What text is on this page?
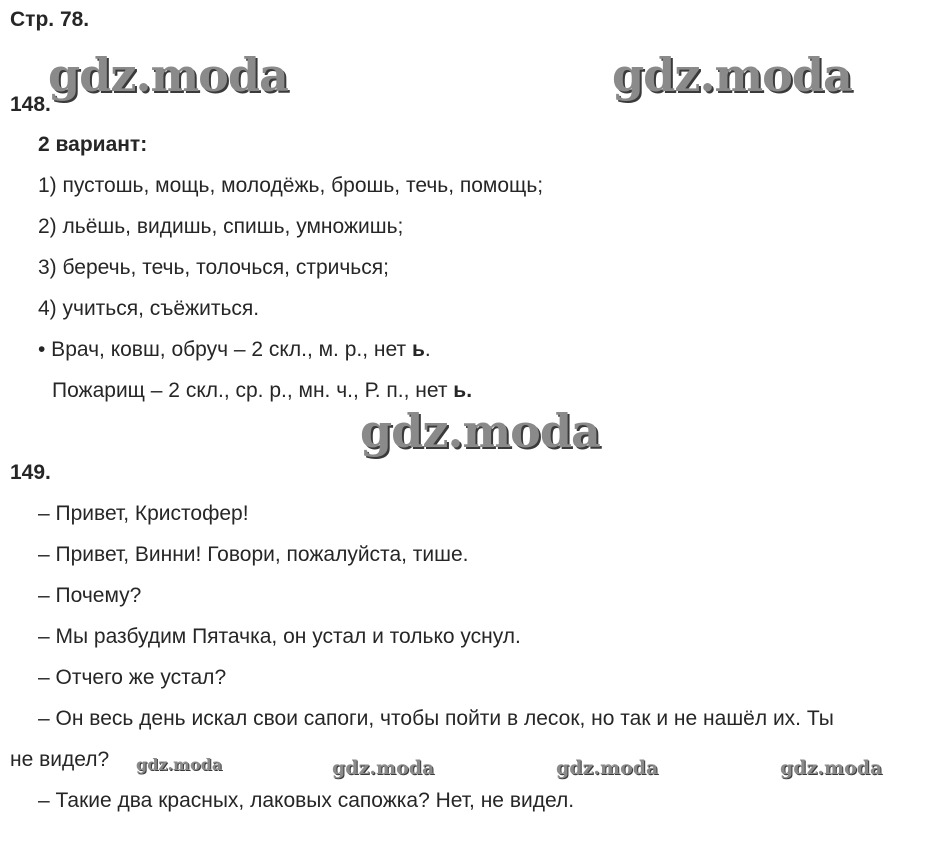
Стр. 78.
gdz.moda	gdz.moda
148.
2 вариант:
1) пустошь, мощь, молодёжь, брошь, течь, помощь;
2) льёшь, видишь, спишь, умножишь;
3) беречь, течь, толочься, стричься;
4) учиться, съёжиться.
• Врач, ковш, обруч – 2 скл., м. р., нет ь.
Пожарищ – 2 скл., ср. р., мн. ч., Р. п., нет ь.
gdz.moda
149.
– Привет, Кристофер!
– Привет, Винни! Говори, пожалуйста, тише.
– Почему?
– Мы разбудим Пятачка, он устал и только уснул.
– Отчего же устал?
– Он весь день искал свои сапоги, чтобы пойти в лесок, но так и не нашёл их. Ты
не видел? gdz.moda	gdz.moda	gdz.moda	gdz.moda
– Такие два красных, лаковых сапожка? Нет, не видел.
